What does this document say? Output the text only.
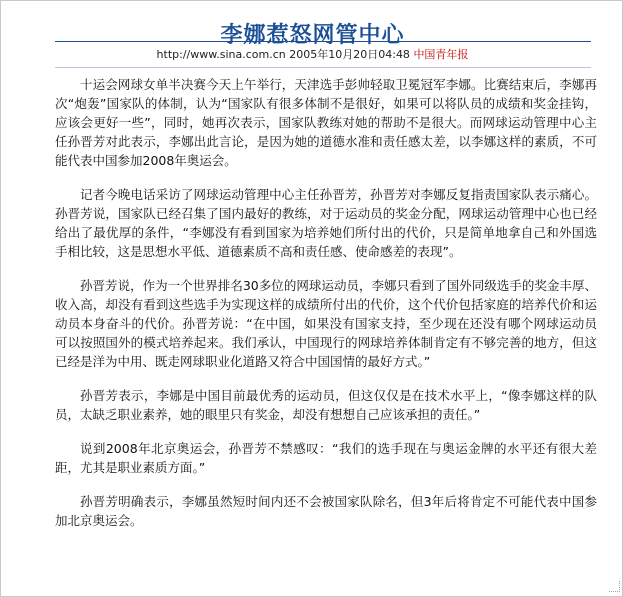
李娜惹怒网管中心
http://www.sina.com.cn 2005年10月20日04:48 中国青年报

十运会网球女单半决赛今天上午举行，天津选手彭帅轻取卫冕冠军李娜。比赛结束后，李娜再次“炮轰”国家队的体制，认为“国家队有很多体制不是很好，如果可以将队员的成绩和奖金挂钩，应该会更好一些”，同时，她再次表示，国家队教练对她的帮助不是很大。而网球运动管理中心主任孙晋芳对此表示，李娜出此言论，是因为她的道德水准和责任感太差，以李娜这样的素质，不可能代表中国参加2008年奥运会。

记者今晚电话采访了网球运动管理中心主任孙晋芳，孙晋芳对李娜反复指责国家队表示痛心。孙晋芳说，国家队已经召集了国内最好的教练，对于运动员的奖金分配，网球运动管理中心也已经给出了最优厚的条件，“李娜没有看到国家为培养她们所付出的代价，只是简单地拿自己和外国选手相比较，这是思想水平低、道德素质不高和责任感、使命感差的表现”。

孙晋芳说，作为一个世界排名30多位的网球运动员，李娜只看到了国外同级选手的奖金丰厚、收入高，却没有看到这些选手为实现这样的成绩所付出的代价，这个代价包括家庭的培养代价和运动员本身奋斗的代价。孙晋芳说：“在中国，如果没有国家支持，至少现在还没有哪个网球运动员可以按照国外的模式培养起来。我们承认，中国现行的网球培养体制肯定有不够完善的地方，但这已经是洋为中用、既走网球职业化道路又符合中国国情的最好方式。”

孙晋芳表示，李娜是中国目前最优秀的运动员，但这仅仅是在技术水平上，“像李娜这样的队员，太缺乏职业素养，她的眼里只有奖金，却没有想想自己应该承担的责任。”

说到2008年北京奥运会，孙晋芳不禁感叹：“我们的选手现在与奥运金牌的水平还有很大差距，尤其是职业素质方面。”

孙晋芳明确表示，李娜虽然短时间内还不会被国家队除名，但3年后将肯定不可能代表中国参加北京奥运会。
